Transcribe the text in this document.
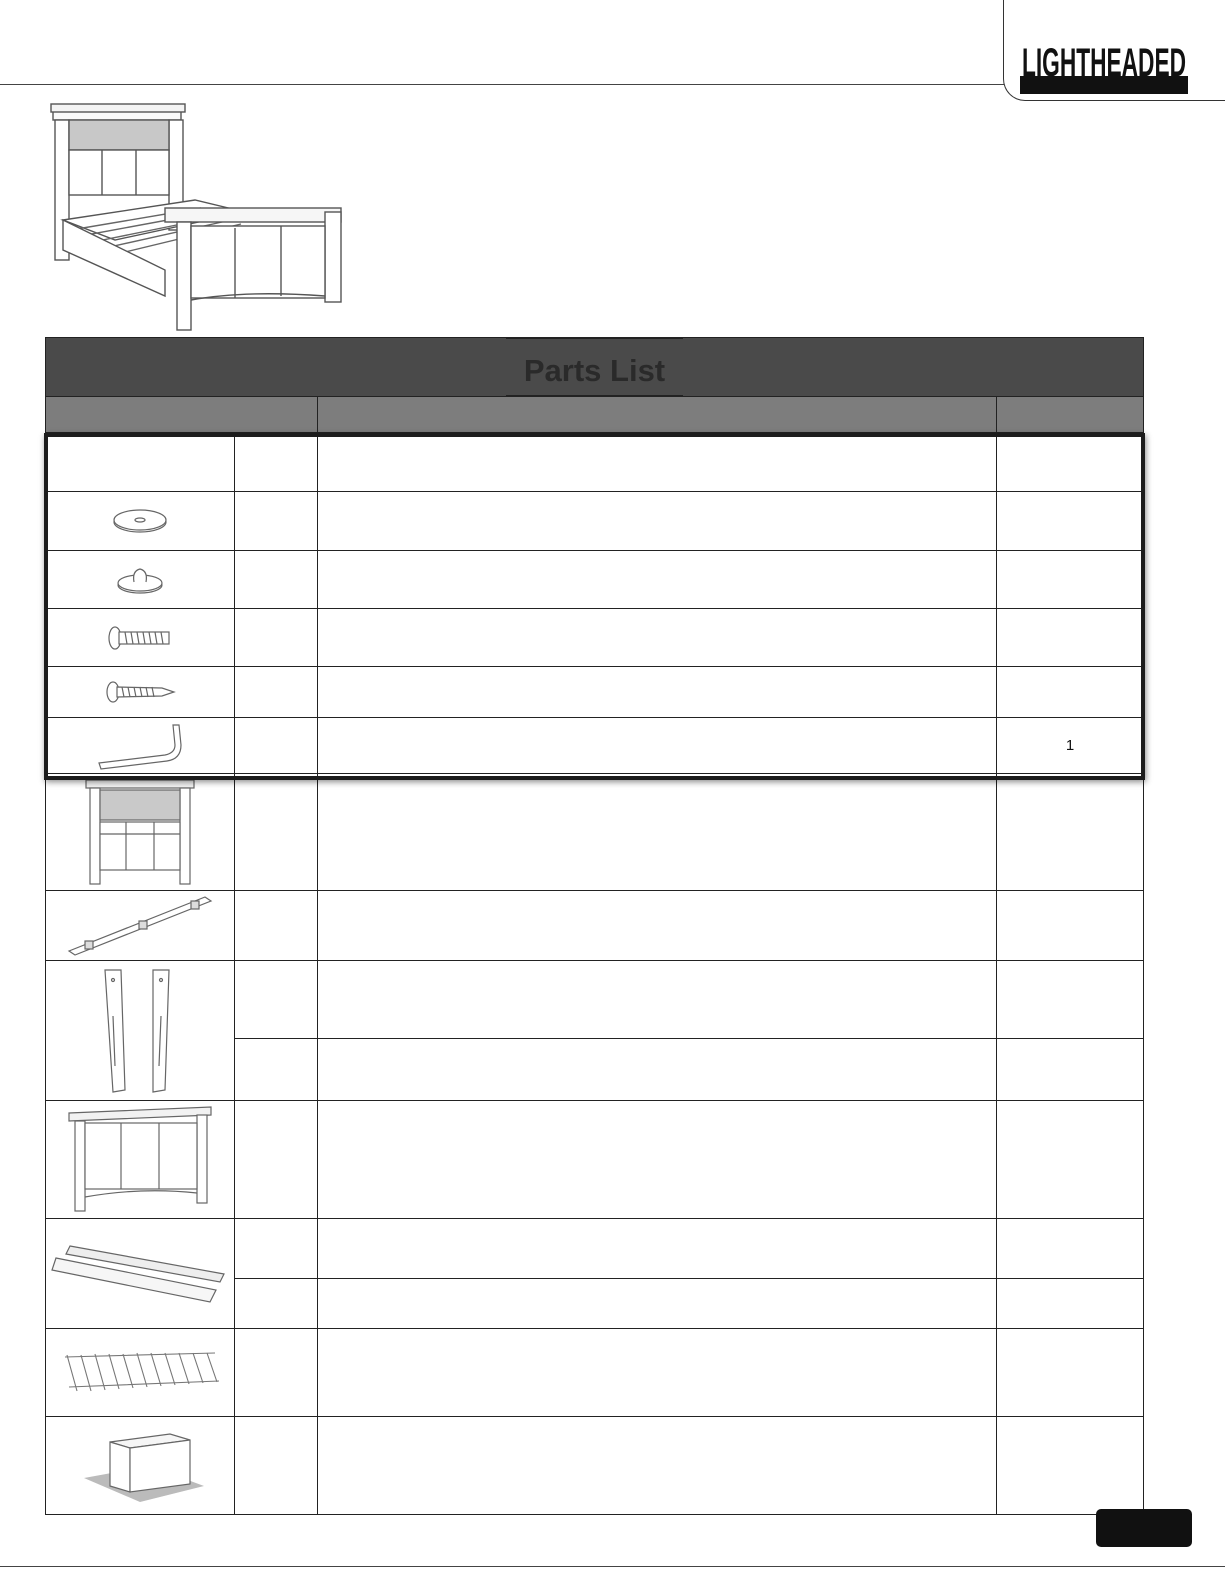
LIGHTHEADED
Parts List			

			1
